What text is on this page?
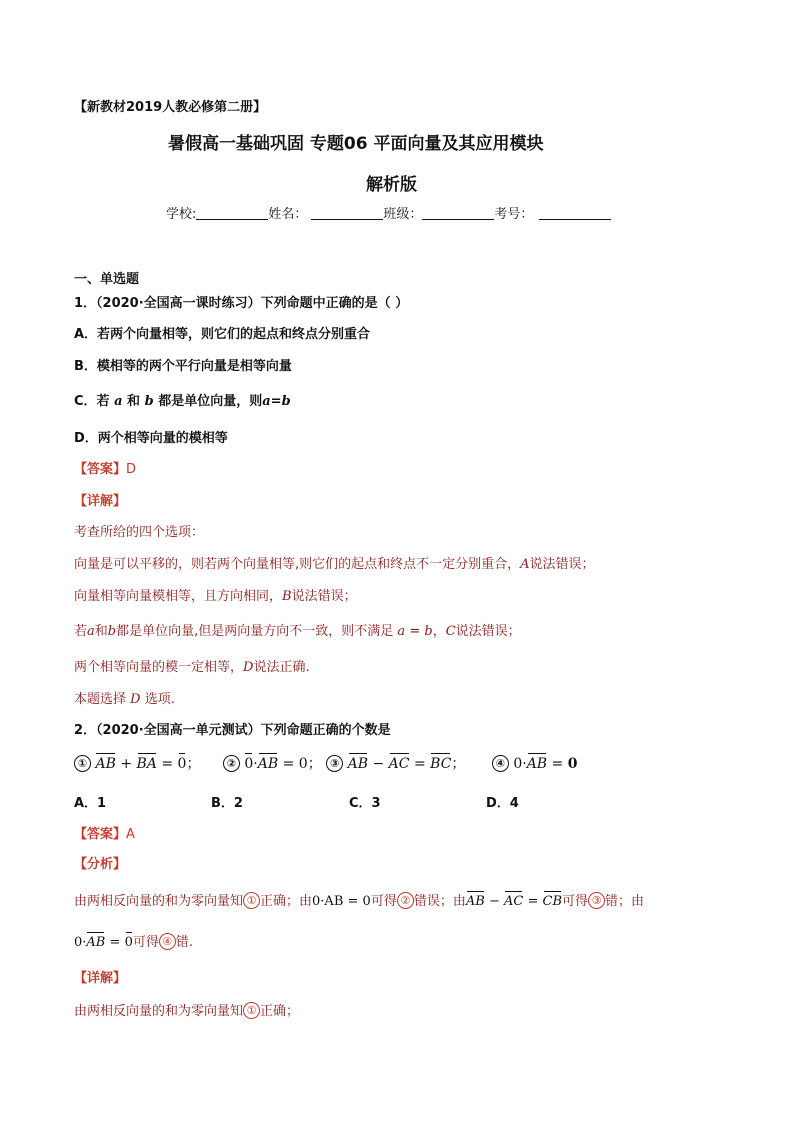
【新教材2019人教必修第二册】
暑假高一基础巩固 专题06 平面向量及其应用模块
解析版
学校:	姓名：	班级：	考号：
一、单选题
1．（2020·全国高一课时练习）下列命题中正确的是（ ）
A．若两个向量相等，则它们的起点和终点分别重合
B．模相等的两个平行向量是相等向量
C．若 a 和 b 都是单位向量，则a=b
D．两个相等向量的模相等
【答案】D
【详解】
考查所给的四个选项：
向量是可以平移的，则若两个向量相等,则它们的起点和终点不一定分别重合，A说法错误；
向量相等向量模相等，且方向相同，B说法错误；
若a和b都是单位向量,但是两向量方向不一致，则不满足 a = b，C说法错误；
两个相等向量的模一定相等，D说法正确.
本题选择 D 选项.
2．（2020·全国高一单元测试）下列命题正确的个数是
① AB + BA = 0； ② 0·AB = 0； ③ AB − AC = BC；	④ 0·AB = 0
A．1	B．2	C．3	D．4
【答案】A
【分析】
由两相反向量的和为零向量知 ① 正确；由0·AB = 0可得 ② 错误；由AB − AC = CB可得 ③ 错；由
0·AB = 0可得 ④ 错.
【详解】
由两相反向量的和为零向量知 ① 正确；
